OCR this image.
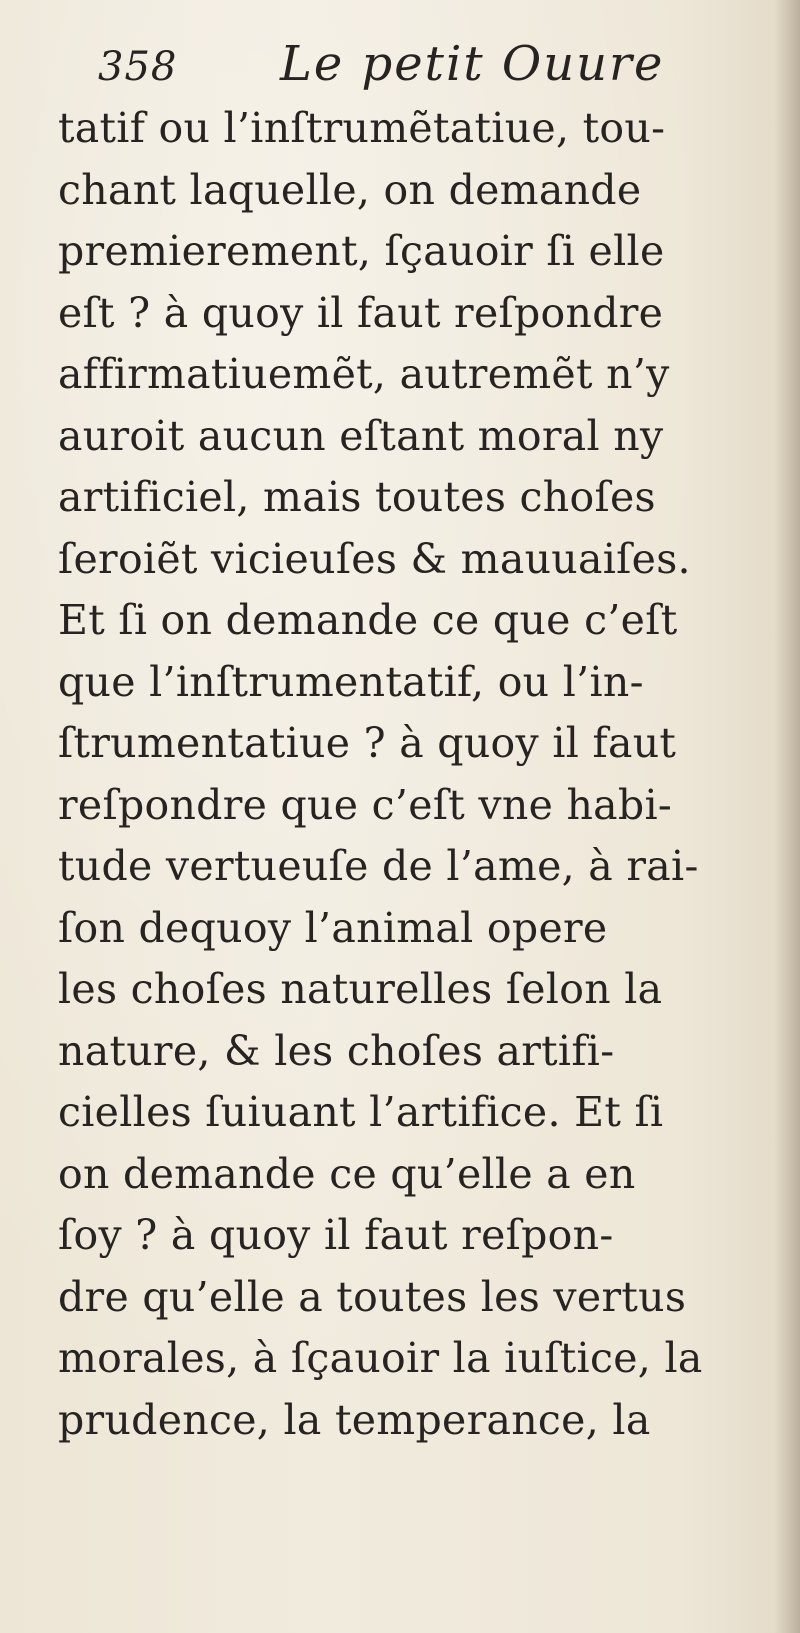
358 Le petit Ouure
tatif ou l’inſtrumẽtatiue, tou-
chant laquelle, on demande
premierement, ſçauoir ſi elle
eſt ? à quoy il faut reſpondre
affirmatiuemẽt, autremẽt n’y
auroit aucun eſtant moral ny
artificiel, mais toutes choſes
ſeroiẽt vicieuſes & mauuaiſes.
Et ſi on demande ce que c’eſt
que l’inſtrumentatif, ou l’in-
ſtrumentatiue ? à quoy il faut
reſpondre que c’eſt vne habi-
tude vertueuſe de l’ame, à rai-
ſon dequoy l’animal opere
les choſes naturelles ſelon la
nature, & les choſes artifi-
cielles ſuiuant l’artifice. Et ſi
on demande ce qu’elle a en
ſoy ? à quoy il faut reſpon-
dre qu’elle a toutes les vertus
morales, à ſçauoir la iuſtice, la
prudence, la temperance, la
